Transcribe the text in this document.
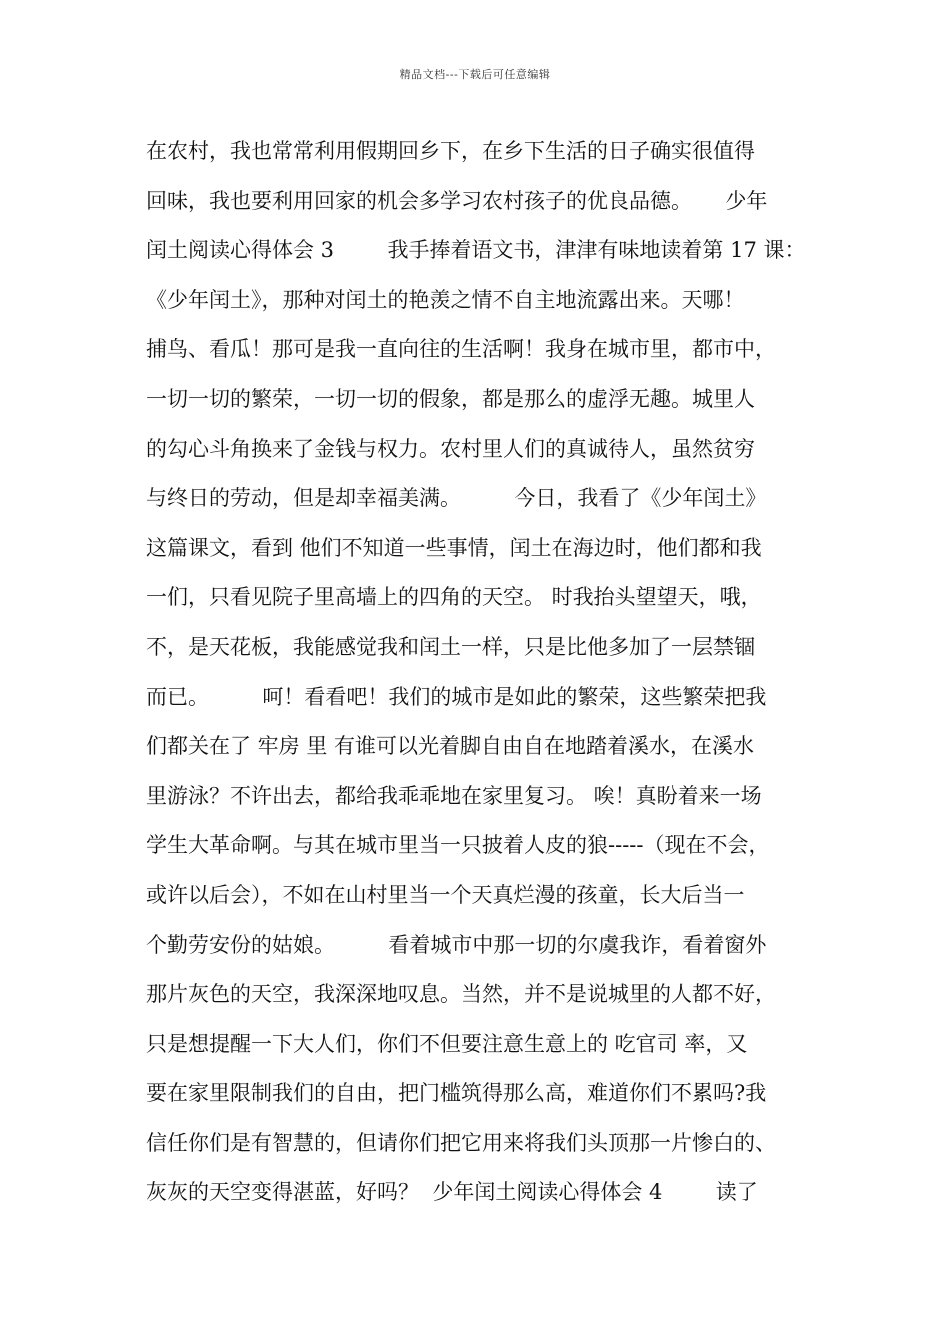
精品文档---下载后可任意编辑
在农村，我也常常利用假期回乡下，在乡下生活的日子确实很值得
回味，我也要利用回家的机会多学习农村孩子的优良品德。     少年
闰土阅读心得体会 3        我手捧着语文书，津津有味地读着第 17 课：
《少年闰土》，那种对闰土的艳羡之情不自主地流露出来。天哪！
捕鸟、看瓜！那可是我一直向往的生活啊！我身在城市里，都市中，
一切一切的繁荣，一切一切的假象，都是那么的虚浮无趣。城里人
的勾心斗角换来了金钱与权力。农村里人们的真诚待人，虽然贫穷
与终日的劳动，但是却幸福美满。        今日，我看了《少年闰土》
这篇课文，看到 他们不知道一些事情，闰土在海边时，他们都和我
一们，只看见院子里高墙上的四角的天空。 时我抬头望望天，哦，
不，是天花板，我能感觉我和闰土一样，只是比他多加了一层禁锢
而已。        呵！看看吧！我们的城市是如此的繁荣，这些繁荣把我
们都关在了 牢房 里 有谁可以光着脚自由自在地踏着溪水，在溪水
里游泳？不许出去，都给我乖乖地在家里复习。 唉！真盼着来一场
学生大革命啊。与其在城市里当一只披着人皮的狼-----（现在不会，
或许以后会），不如在山村里当一个天真烂漫的孩童，长大后当一
个勤劳安份的姑娘。        看着城市中那一切的尔虞我诈，看着窗外
那片灰色的天空，我深深地叹息。当然，并不是说城里的人都不好，
只是想提醒一下大人们，你们不但要注意生意上的 吃官司 率，又
要在家里限制我们的自由，把门槛筑得那么高，难道你们不累吗?我
信任你们是有智慧的，但请你们把它用来将我们头顶那一片惨白的、
灰灰的天空变得湛蓝，好吗？  少年闰土阅读心得体会 4        读了
